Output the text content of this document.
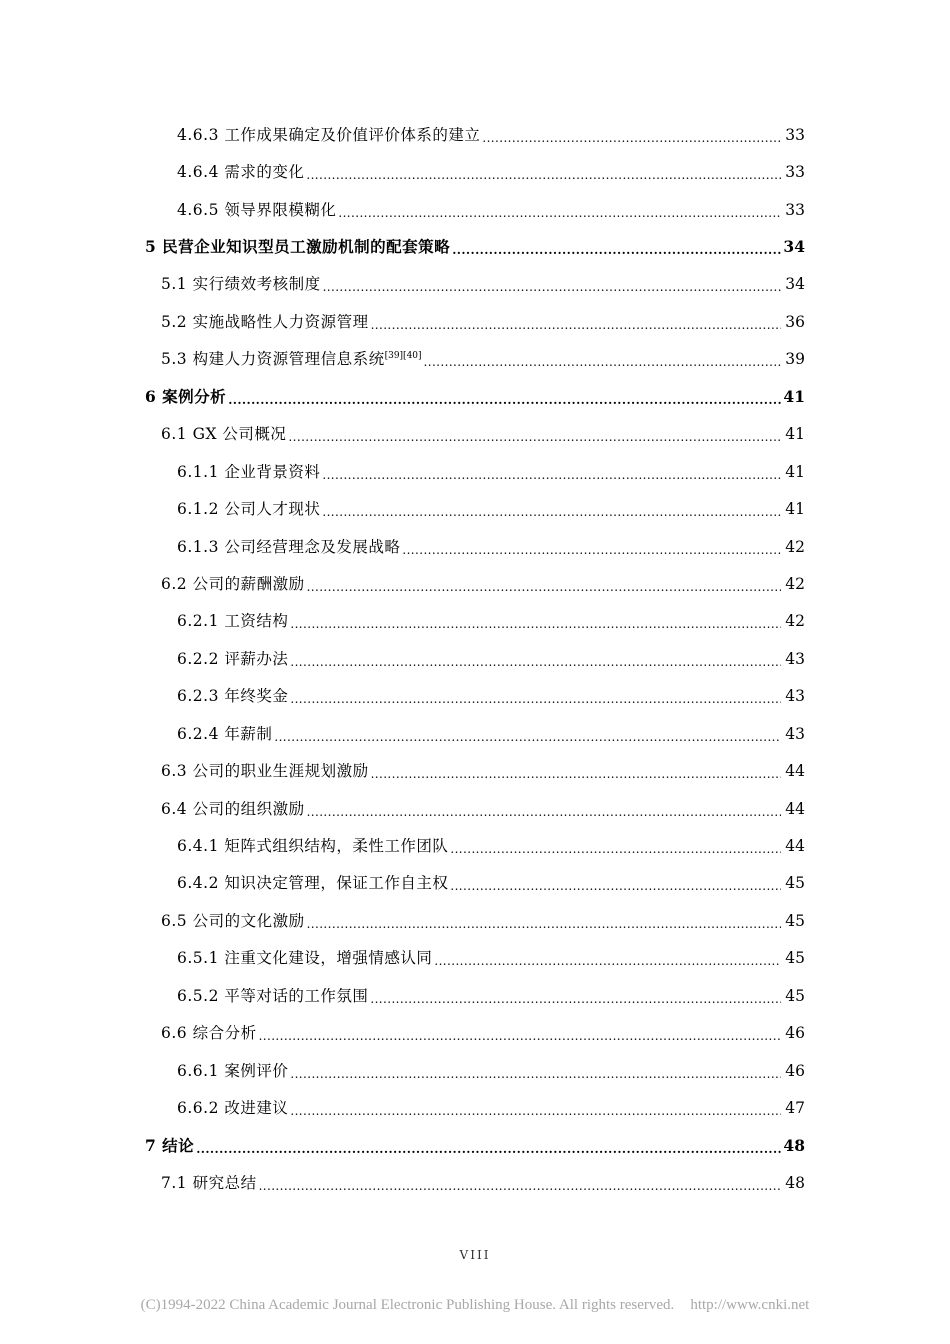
4.6.3 工作成果确定及价值评价体系的建立 .....	33
4.6.4 需求的变化 .....	33
4.6.5 领导界限模糊化 .....	33
5 民营企业知识型员工激励机制的配套策略 .....	34
5.1 实行绩效考核制度 .....	34
5.2 实施战略性人力资源管理 .....	36
5.3 构建人力资源管理信息系统[39][40] .....	39
6 案例分析 .....	41
6.1 GX 公司概况 .....	41
6.1.1 企业背景资料 .....	41
6.1.2 公司人才现状 .....	41
6.1.3 公司经营理念及发展战略 .....	42
6.2 公司的薪酬激励 .....	42
6.2.1 工资结构 .....	42
6.2.2 评薪办法 .....	43
6.2.3 年终奖金 .....	43
6.2.4 年薪制 .....	43
6.3 公司的职业生涯规划激励 .....	44
6.4 公司的组织激励 .....	44
6.4.1 矩阵式组织结构，柔性工作团队 .....	44
6.4.2 知识决定管理，保证工作自主权 .....	45
6.5 公司的文化激励 .....	45
6.5.1 注重文化建设，增强情感认同 .....	45
6.5.2 平等对话的工作氛围 .....	45
6.6 综合分析 .....	46
6.6.1 案例评价 .....	46
6.6.2 改进建议 .....	47
7 结论 .....	48
7.1 研究总结 .....	48
VIII
(C)1994-2022 China Academic Journal Electronic Publishing House. All rights reserved. http://www.cnki.net
